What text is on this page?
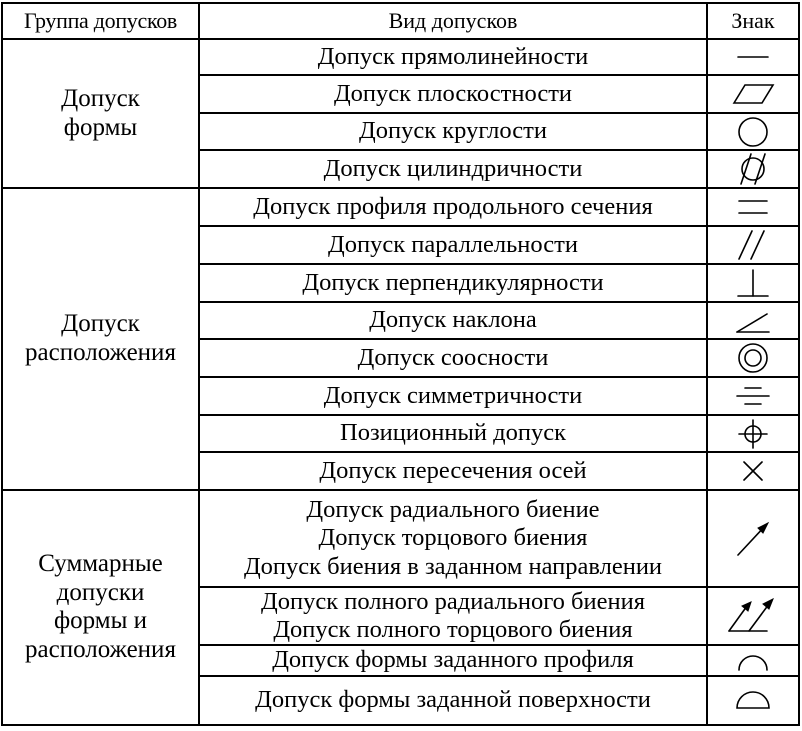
Группа допусков	Вид допусков	Знак

Допуск
формы	Допуск прямолинейности

	Допуск плоскостности

	Допуск круглости

	Допуск цилиндричности

Допуск
расположения	Допуск профиля продольного сечения

	Допуск параллельности

	Допуск перпендикулярности

	Допуск наклона

	Допуск соосности

	Допуск симметричности

	Позиционный допуск

	Допуск пересечения осей

Суммарные
допуски
формы и
расположения	Допуск радиального биение
Допуск торцового биения
Допуск биения в заданном направлении

	Допуск полного радиального биения
Допуск полного торцового биения

	Допуск формы заданного профиля

	Допуск формы заданной поверхности
